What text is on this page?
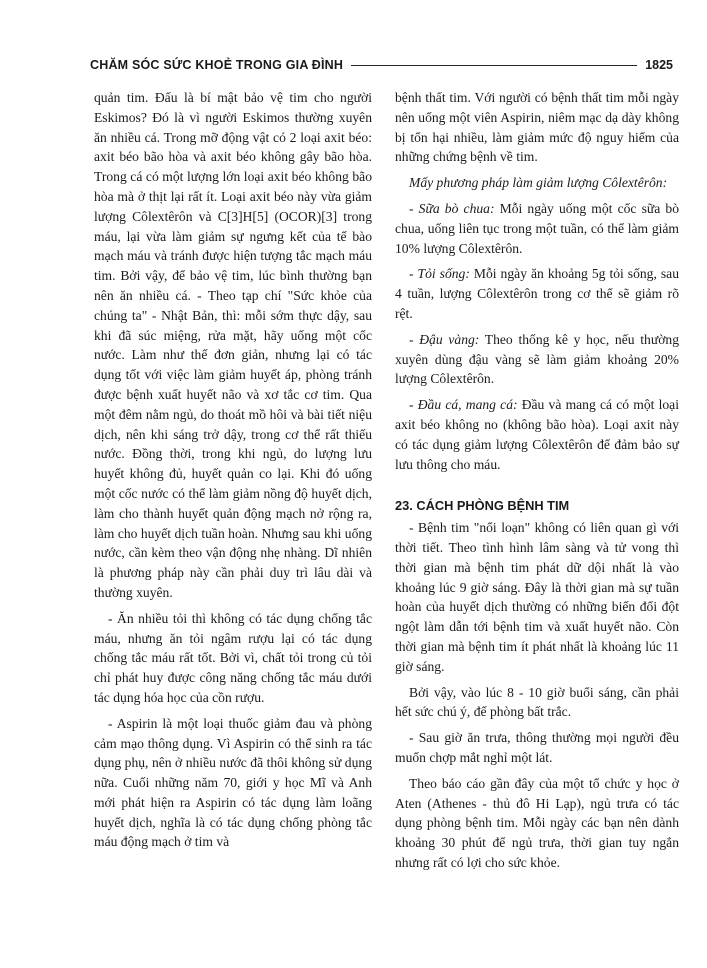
CHĂM SÓC SỨC KHOẺ TRONG GIA ĐÌNH	1825

quản tim. Đấu là bí mật bảo vệ tim cho người Eskimos? Đó là vì người Eskimos thường xuyên ăn nhiều cá. Trong mỡ động vật có 2 loại axit béo: axit béo bão hòa và axit béo không gây bão hòa. Trong cá có một lượng lớn loại axit béo không bão hòa mà ở thịt lại rất ít. Loại axit béo này vừa giảm lượng Côlextêrôn và C[3]H[5] (OCOR)[3] trong máu, lại vừa làm giảm sự ngưng kết của tế bào mạch máu và tránh được hiện tượng tắc mạch máu tim. Bởi vậy, để bảo vệ tim, lúc bình thường bạn nên ăn nhiều cá. - Theo tạp chí "Sức khỏe của chúng ta" - Nhật Bản, thì: mỗi sớm thực dậy, sau khi đã súc miệng, rửa mặt, hãy uống một cốc nước. Làm như thế đơn giản, nhưng lại có tác dụng tốt với việc làm giảm huyết áp, phòng tránh được bệnh xuất huyết não và xơ tắc cơ tim. Qua một đêm nằm ngủ, do thoát mồ hôi và bài tiết niệu dịch, nên khi sáng trở dậy, trong cơ thể rất thiếu nước. Đồng thời, trong khi ngủ, do lượng lưu huyết không đủ, huyết quản co lại. Khi đó uống một cốc nước có thể làm giảm nồng độ huyết dịch, làm cho thành huyết quản động mạch nở rộng ra, làm cho huyết dịch tuần hoàn. Nhưng sau khi uống nước, cần kèm theo vận động nhẹ nhàng. Dĩ nhiên là phương pháp này cần phải duy trì lâu dài và thường xuyên.

- Ăn nhiều tỏi thì không có tác dụng chống tắc máu, nhưng ăn tỏi ngâm rượu lại có tác dụng chống tắc máu rất tốt. Bởi vì, chất tỏi trong củ tỏi chỉ phát huy được công năng chống tắc máu dưới tác dụng hóa học của cồn rượu.

- Aspirin là một loại thuốc giảm đau và phòng cảm mạo thông dụng. Vì Aspirin có thể sinh ra tác dụng phụ, nên ở nhiều nước đã thôi không sử dụng nữa. Cuối những năm 70, giới y học Mĩ và Anh mới phát hiện ra Aspirin có tác dụng làm loãng huyết dịch, nghĩa là có tác dụng chống phòng tắc máu động mạch ở tim và

bệnh thất tim. Với người có bệnh thất tim mỗi ngày nên uống một viên Aspirin, niêm mạc dạ dày không bị tổn hại nhiều, làm giảm mức độ nguy hiểm của những chứng bệnh về tim.

Mấy phương pháp làm giảm lượng Côlextêrôn:

- Sữa bò chua: Mỗi ngày uống một cốc sữa bò chua, uống liên tục trong một tuần, có thể làm giảm 10% lượng Côlextêrôn.

- Tỏi sống: Mỗi ngày ăn khoảng 5g tỏi sống, sau 4 tuần, lượng Côlextêrôn trong cơ thể sẽ giảm rõ rệt.

- Đậu vàng: Theo thống kê y học, nếu thường xuyên dùng đậu vàng sẽ làm giảm khoảng 20% lượng Côlextêrôn.

- Đầu cá, mang cá: Đầu và mang cá có một loại axit béo không no (không bão hòa). Loại axit này có tác dụng giảm lượng Côlextêrôn để đảm bảo sự lưu thông cho máu.

23. CÁCH PHÒNG BỆNH TIM

- Bệnh tim "nổi loạn" không có liên quan gì với thời tiết. Theo tình hình lâm sàng và tử vong thì thời gian mà bệnh tim phát dữ dội nhất là vào khoảng lúc 9 giờ sáng. Đây là thời gian mà sự tuần hoàn của huyết dịch thường có những biến đổi đột ngột làm dẫn tới bệnh tim và xuất huyết não. Còn thời gian mà bệnh tim ít phát nhất là khoảng lúc 11 giờ sáng.

Bởi vậy, vào lúc 8 - 10 giờ buổi sáng, cần phải hết sức chú ý, để phòng bất trắc.

- Sau giờ ăn trưa, thông thường mọi người đều muốn chợp mắt nghỉ một lát.

Theo báo cáo gần đây của một tổ chức y học ở Aten (Athenes - thủ đô Hi Lạp), ngủ trưa có tác dụng phòng bệnh tim. Mỗi ngày các bạn nên dành khoảng 30 phút để ngủ trưa, thời gian tuy ngắn nhưng rất có lợi cho sức khỏe.
